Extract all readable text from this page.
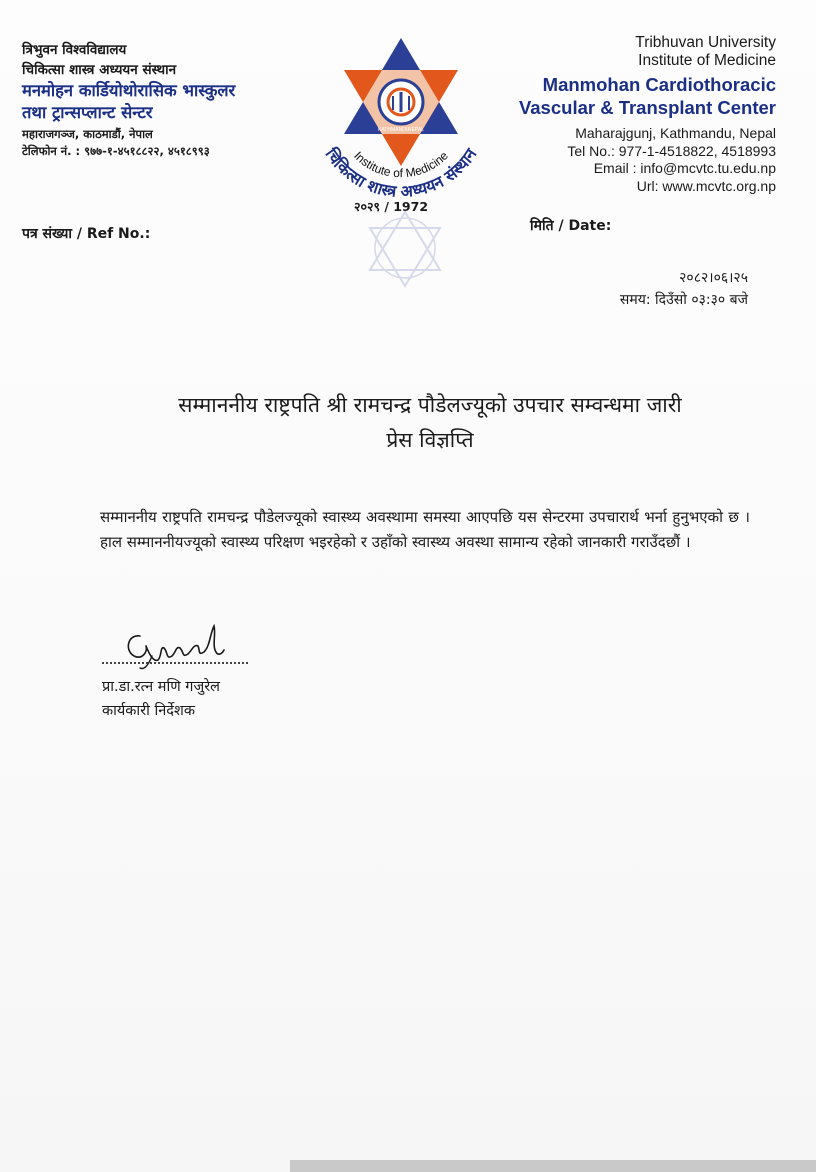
त्रिभुवन विश्वविद्यालय
चिकित्सा शास्त्र अध्ययन संस्थान
मनमोहन कार्डियोथोरासिक भास्कुलर
तथा ट्रान्सप्लान्ट सेन्टर
महाराजगञ्ज, काठमाडौं, नेपाल
टेलिफोन नं. : ९७७-१-४५१८८२२, ४५१८९९३
KATHMANDU
NEPAL
चिकित्सा शास्त्र अध्ययन संस्थान
Institute of Medicine
२०२९ / 1972
Tribhuvan University
Institute of Medicine
Manmohan Cardiothoracic
Vascular & Transplant Center
Maharajgunj, Kathmandu, Nepal
Tel No.: 977-1-4518822, 4518993
Email : info@mcvtc.tu.edu.np
Url: www.mcvtc.org.np
पत्र संख्या / Ref No.:	मिति / Date:
२०८२।०६।२५
समय: दिउँसो ०३:३० बजे
सम्माननीय राष्ट्रपति श्री रामचन्द्र पौडेलज्यूको उपचार सम्वन्धमा जारी
प्रेस विज्ञप्ति
सम्माननीय राष्ट्रपति रामचन्द्र पौडेलज्यूको स्वास्थ्य अवस्थामा समस्या आएपछि यस सेन्टरमा उपचारार्थ भर्ना हुनुभएको छ । हाल सम्माननीयज्यूको स्वास्थ्य परिक्षण भइरहेको र उहाँको स्वास्थ्य अवस्था सामान्य रहेको जानकारी गराउँदछौं ।
प्रा.डा.रत्न मणि गजुरेल
कार्यकारी निर्देशक
